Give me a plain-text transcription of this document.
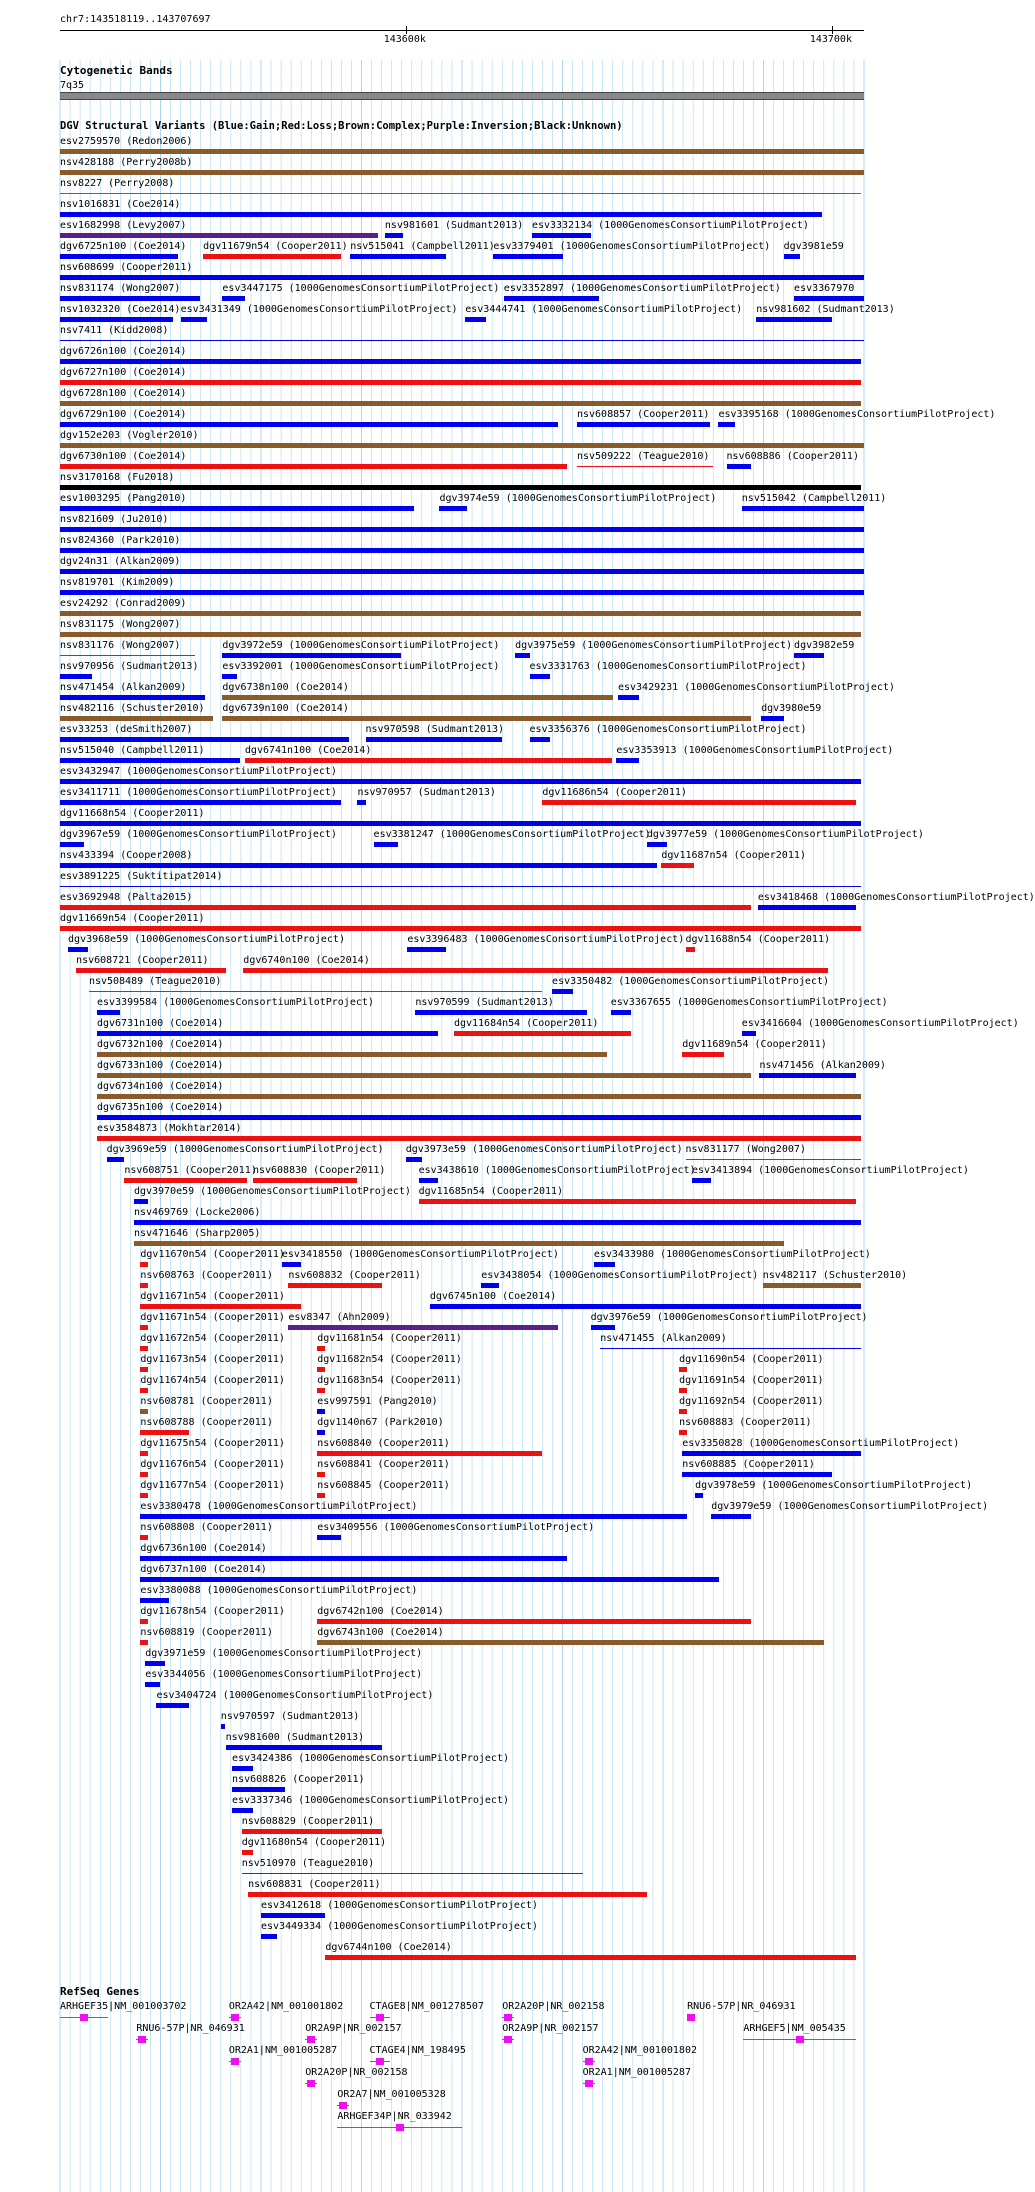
chr7:143518119..143707697
143600k	143700k
Cytogenetic Bands
7q35
DGV Structural Variants (Blue:Gain;Red:Loss;Brown:Complex;Purple:Inversion;Black:Unknown)
esv2759570 (Redon2006)
nsv428188 (Perry2008b)
nsv8227 (Perry2008)
nsv1016831 (Coe2014)
esv1682998 (Levy2007)	nsv981601 (Sudmant2013) esv3332134 (1000GenomesConsortiumPilotProject)
dgv6725n100 (Coe2014) dgv11679n54 (Cooper2011) nsv515041 (Campbell2011)
esv3379401 (1000GenomesConsortiumPilotProject) dgv3981e59
nsv608699 (Cooper2011)
nsv831174 (Wong2007)	esv3447175 (1000GenomesConsortiumPilotProject) esv3352897 (1000GenomesConsortiumPilotProject) esv3367970
nsv1032320 (Coe2014) esv3431349 (1000GenomesConsortiumPilotProject) esv3444741 (1000GenomesConsortiumPilotProject) nsv981602 (Sudmant2013)
nsv7411 (Kidd2008)
dgv6726n100 (Coe2014)
dgv6727n100 (Coe2014)
dgv6728n100 (Coe2014)
dgv6729n100 (Coe2014)	nsv608857 (Cooper2011) esv3395168 (1000GenomesConsortiumPilotProject)
dgv152e203 (Vogler2010)
dgv6730n100 (Coe2014)	nsv509222 (Teague2010) nsv608886 (Cooper2011)
nsv3170168 (Fu2018)
esv1003295 (Pang2010)	dgv3974e59 (1000GenomesConsortiumPilotProject)	nsv515042 (Campbell2011)
nsv821609 (Ju2010)
nsv824360 (Park2010)
dgv24n31 (Alkan2009)
nsv819701 (Kim2009)
esv24292 (Conrad2009)
nsv831175 (Wong2007)
nsv831176 (Wong2007)	dgv3972e59 (1000GenomesConsortiumPilotProject) dgv3975e59 (1000GenomesConsortiumPilotProject) dgv3982e59
nsv970956 (Sudmant2013) esv3392001 (1000GenomesConsortiumPilotProject)	esv3331763 (1000GenomesConsortiumPilotProject)
nsv471454 (Alkan2009)	dgv6738n100 (Coe2014)	esv3429231 (1000GenomesConsortiumPilotProject)
nsv482116 (Schuster2010) dgv6739n100 (Coe2014)	dgv3980e59
esv33253 (deSmith2007)	nsv970598 (Sudmant2013)	esv3356376 (1000GenomesConsortiumPilotProject)
nsv515040 (Campbell2011)	dgv6741n100 (Coe2014)	esv3353913 (1000GenomesConsortiumPilotProject)
esv3432947 (1000GenomesConsortiumPilotProject)
esv3411711 (1000GenomesConsortiumPilotProject) nsv970957 (Sudmant2013)	dgv11686n54 (Cooper2011)
dgv11668n54 (Cooper2011)
dgv3967e59 (1000GenomesConsortiumPilotProject)	esv3381247 (1000GenomesConsortiumPilotProject)
dgv3977e59 (1000GenomesConsortiumPilotProject)
nsv433394 (Cooper2008)	dgv11687n54 (Cooper2011)
esv3891225 (Suktitipat2014)
esv3692948 (Palta2015)	esv3418468 (1000GenomesConsortiumPilotProject)
dgv11669n54 (Cooper2011)
dgv3968e59 (1000GenomesConsortiumPilotProject)	esv3396483 (1000GenomesConsortiumPilotProject) dgv11688n54 (Cooper2011)
nsv608721 (Cooper2011)	dgv6740n100 (Coe2014)
nsv508489 (Teague2010)	esv3350482 (1000GenomesConsortiumPilotProject)
esv3399584 (1000GenomesConsortiumPilotProject)	nsv970599 (Sudmant2013)	esv3367655 (1000GenomesConsortiumPilotProject)
dgv6731n100 (Coe2014)	dgv11684n54 (Cooper2011)	esv3416604 (1000GenomesConsortiumPilotProject)
dgv6732n100 (Coe2014)	dgv11689n54 (Cooper2011)
dgv6733n100 (Coe2014)	nsv471456 (Alkan2009)
dgv6734n100 (Coe2014)
dgv6735n100 (Coe2014)
esv3584873 (Mokhtar2014)
dgv3969e59 (1000GenomesConsortiumPilotProject) dgv3973e59 (1000GenomesConsortiumPilotProject) nsv831177 (Wong2007)
nsv608751 (Cooper2011)
nsv608830 (Cooper2011)	esv3438610 (1000GenomesConsortiumPilotProject)
esv3413894 (1000GenomesConsortiumPilotProject)
dgv3970e59 (1000GenomesConsortiumPilotProject) dgv11685n54 (Cooper2011)
nsv469769 (Locke2006)
nsv471646 (Sharp2005)
dgv11670n54 (Cooper2011)
esv3418550 (1000GenomesConsortiumPilotProject)	esv3433980 (1000GenomesConsortiumPilotProject)
nsv608763 (Cooper2011) nsv608832 (Cooper2011)	esv3438054 (1000GenomesConsortiumPilotProject) nsv482117 (Schuster2010)
dgv11671n54 (Cooper2011)	dgv6745n100 (Coe2014)
dgv11671n54 (Cooper2011) esv8347 (Ahn2009)	dgv3976e59 (1000GenomesConsortiumPilotProject)
dgv11672n54 (Cooper2011)	dgv11681n54 (Cooper2011)	nsv471455 (Alkan2009)
dgv11673n54 (Cooper2011)	dgv11682n54 (Cooper2011)	dgv11690n54 (Cooper2011)
dgv11674n54 (Cooper2011)	dgv11683n54 (Cooper2011)	dgv11691n54 (Cooper2011)
nsv608781 (Cooper2011)	esv997591 (Pang2010)	dgv11692n54 (Cooper2011)
nsv608788 (Cooper2011)	dgv1140n67 (Park2010)	nsv608883 (Cooper2011)
dgv11675n54 (Cooper2011)	nsv608840 (Cooper2011)	esv3350828 (1000GenomesConsortiumPilotProject)
dgv11676n54 (Cooper2011)	nsv608841 (Cooper2011)	nsv608885 (Cooper2011)
dgv11677n54 (Cooper2011)	nsv608845 (Cooper2011)	dgv3978e59 (1000GenomesConsortiumPilotProject)
esv3380478 (1000GenomesConsortiumPilotProject)	dgv3979e59 (1000GenomesConsortiumPilotProject)
nsv608808 (Cooper2011)	esv3409556 (1000GenomesConsortiumPilotProject)
dgv6736n100 (Coe2014)
dgv6737n100 (Coe2014)
esv3380088 (1000GenomesConsortiumPilotProject)
dgv11678n54 (Cooper2011)	dgv6742n100 (Coe2014)
nsv608819 (Cooper2011)	dgv6743n100 (Coe2014)
dgv3971e59 (1000GenomesConsortiumPilotProject)
esv3344056 (1000GenomesConsortiumPilotProject)
esv3404724 (1000GenomesConsortiumPilotProject)
nsv970597 (Sudmant2013)
nsv981600 (Sudmant2013)
esv3424386 (1000GenomesConsortiumPilotProject)
nsv608826 (Cooper2011)
esv3337346 (1000GenomesConsortiumPilotProject)
nsv608829 (Cooper2011)
dgv11680n54 (Cooper2011)
nsv510970 (Teague2010)
nsv608831 (Cooper2011)
esv3412618 (1000GenomesConsortiumPilotProject)
esv3449334 (1000GenomesConsortiumPilotProject)
dgv6744n100 (Coe2014)
RefSeq Genes
ARHGEF35|NM_001003702	OR2A42|NM_001001802	CTAGE8|NM_001278507 OR2A20P|NR_002158	RNU6-57P|NR_046931
RNU6-57P|NR_046931	OR2A9P|NR_002157	OR2A9P|NR_002157	ARHGEF5|NM_005435
OR2A1|NM_001005287	CTAGE4|NM_198495	OR2A42|NM_001001802
OR2A20P|NR_002158	OR2A1|NM_001005287
OR2A7|NM_001005328
ARHGEF34P|NR_033942
